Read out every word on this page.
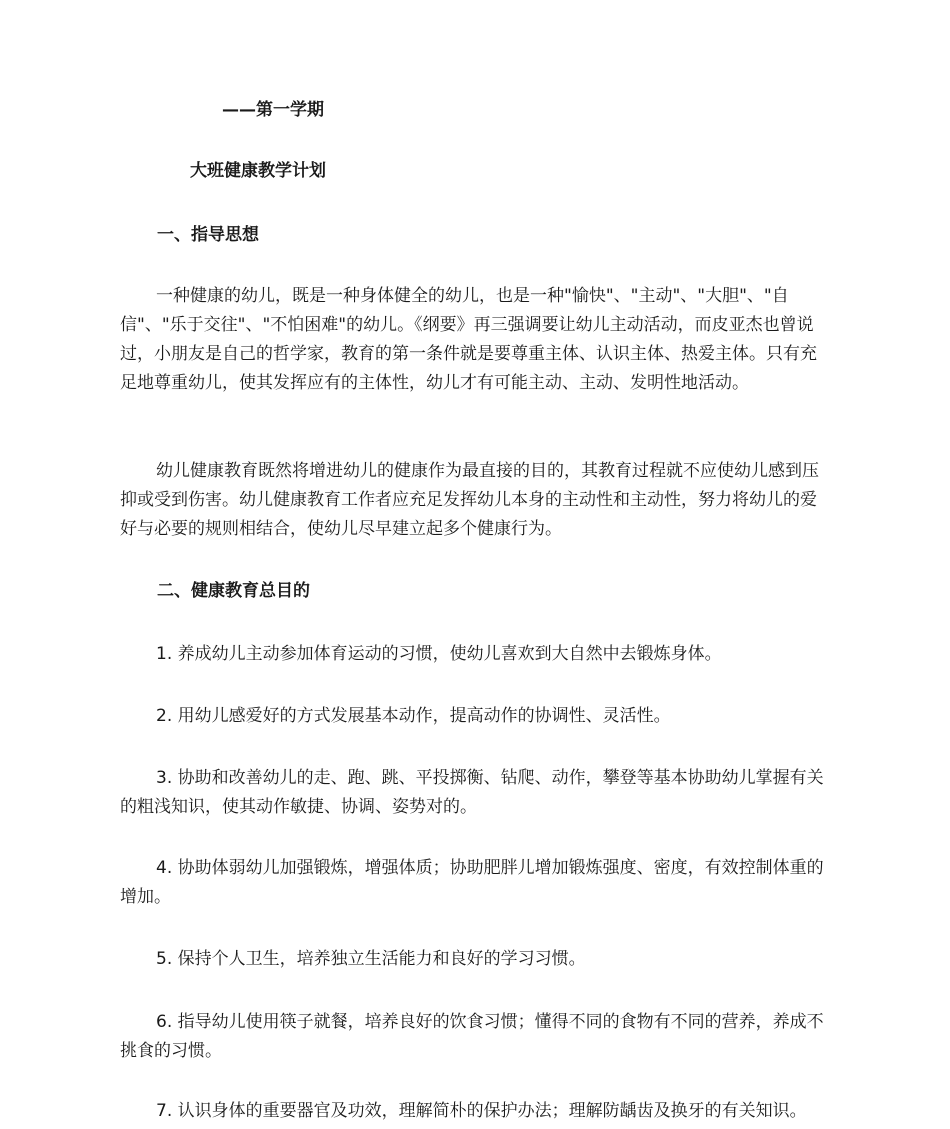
——第一学期

大班健康教学计划

一、指导思想

一种健康的幼儿，既是一种身体健全的幼儿，也是一种"愉快"、"主动"、"大胆"、"自信"、"乐于交往"、"不怕困难"的幼儿。《纲要》再三强调要让幼儿主动活动，而皮亚杰也曾说过，小朋友是自己的哲学家，教育的第一条件就是要尊重主体、认识主体、热爱主体。只有充足地尊重幼儿，使其发挥应有的主体性，幼儿才有可能主动、主动、发明性地活动。

幼儿健康教育既然将增进幼儿的健康作为最直接的目的，其教育过程就不应使幼儿感到压抑或受到伤害。幼儿健康教育工作者应充足发挥幼儿本身的主动性和主动性，努力将幼儿的爱好与必要的规则相结合，使幼儿尽早建立起多个健康行为。

二、健康教育总目的

1. 养成幼儿主动参加体育运动的习惯，使幼儿喜欢到大自然中去锻炼身体。

2. 用幼儿感爱好的方式发展基本动作，提高动作的协调性、灵活性。

3. 协助和改善幼儿的走、跑、跳、平投掷衡、钻爬、动作，攀登等基本协助幼儿掌握有关的粗浅知识，使其动作敏捷、协调、姿势对的。

4. 协助体弱幼儿加强锻炼，增强体质；协助肥胖儿增加锻炼强度、密度，有效控制体重的增加。

5. 保持个人卫生，培养独立生活能力和良好的学习习惯。

6. 指导幼儿使用筷子就餐，培养良好的饮食习惯；懂得不同的食物有不同的营养，养成不挑食的习惯。

7. 认识身体的重要器官及功效，理解简朴的保护办法；理解防龋齿及换牙的有关知识。
